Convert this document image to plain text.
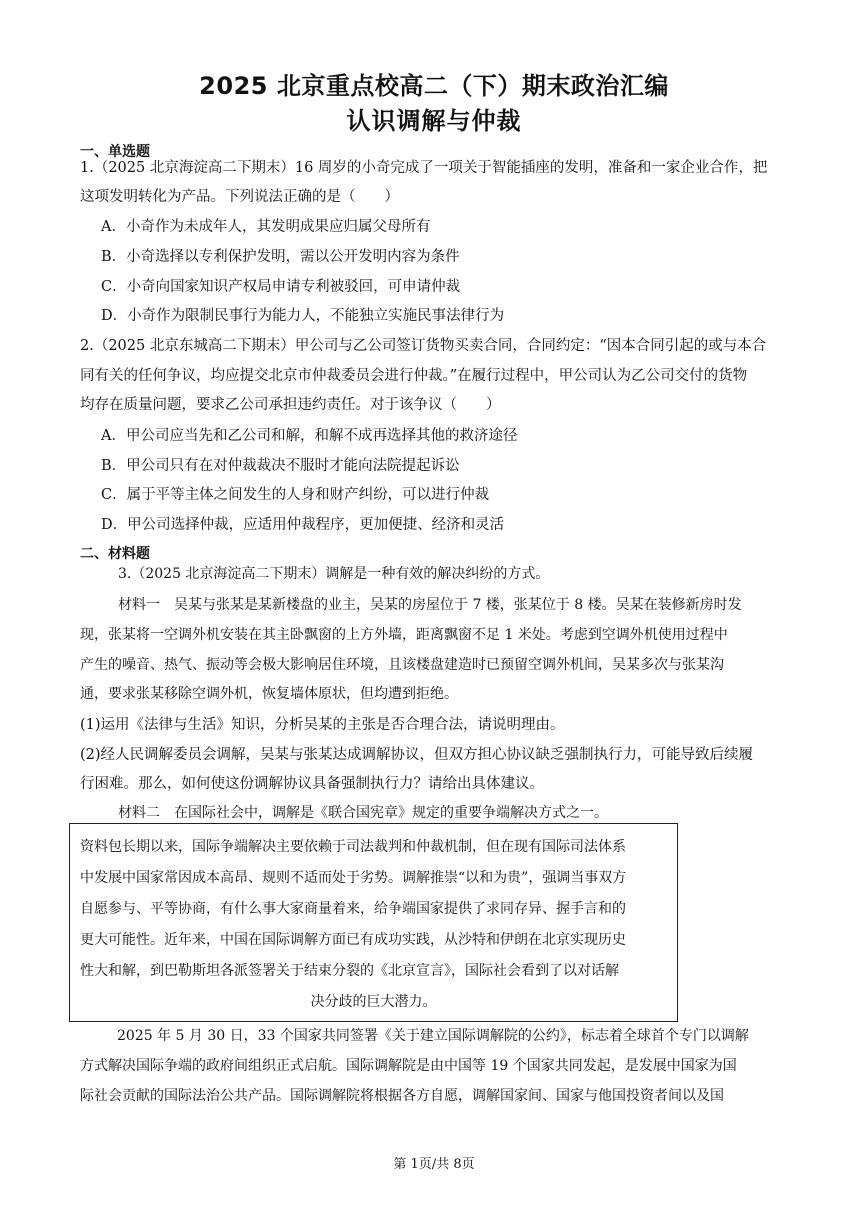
2025 北京重点校高二（下）期末政治汇编
认识调解与仲裁
一、单选题
1.（2025 北京海淀高二下期末）16 周岁的小奇完成了一项关于智能插座的发明，准备和一家企业合作，把
这项发明转化为产品。下列说法正确的是（　　）
A．小奇作为未成年人，其发明成果应归属父母所有
B．小奇选择以专利保护发明，需以公开发明内容为条件
C．小奇向国家知识产权局申请专利被驳回，可申请仲裁
D．小奇作为限制民事行为能力人，不能独立实施民事法律行为
2.（2025 北京东城高二下期末）甲公司与乙公司签订货物买卖合同，合同约定：“因本合同引起的或与本合
同有关的任何争议，均应提交北京市仲裁委员会进行仲裁。”在履行过程中，甲公司认为乙公司交付的货物
均存在质量问题，要求乙公司承担违约责任。对于该争议（　　）
A．甲公司应当先和乙公司和解，和解不成再选择其他的救济途径
B．甲公司只有在对仲裁裁决不服时才能向法院提起诉讼
C．属于平等主体之间发生的人身和财产纠纷，可以进行仲裁
D．甲公司选择仲裁，应适用仲裁程序，更加便捷、经济和灵活
二、材料题
3.（2025 北京海淀高二下期末）调解是一种有效的解决纠纷的方式。
材料一　吴某与张某是某新楼盘的业主，吴某的房屋位于 7 楼，张某位于 8 楼。吴某在装修新房时发
现，张某将一空调外机安装在其主卧飘窗的上方外墙，距离飘窗不足 1 米处。考虑到空调外机使用过程中
产生的噪音、热气、振动等会极大影响居住环境，且该楼盘建造时已预留空调外机间，吴某多次与张某沟
通，要求张某移除空调外机，恢复墙体原状，但均遭到拒绝。
(1)运用《法律与生活》知识，分析吴某的主张是否合理合法，请说明理由。
(2)经人民调解委员会调解，吴某与张某达成调解协议，但双方担心协议缺乏强制执行力，可能导致后续履
行困难。那么，如何使这份调解协议具备强制执行力？请给出具体建议。
材料二　在国际社会中，调解是《联合国宪章》规定的重要争端解决方式之一。
资料包长期以来，国际争端解决主要依赖于司法裁判和仲裁机制，但在现有国际司法体系
中发展中国家常因成本高昂、规则不适而处于劣势。调解推崇“以和为贵”，强调当事双方
自愿参与、平等协商，有什么事大家商量着来，给争端国家提供了求同存异、握手言和的
更大可能性。近年来，中国在国际调解方面已有成功实践，从沙特和伊朗在北京实现历史
性大和解，到巴勒斯坦各派签署关于结束分裂的《北京宣言》，国际社会看到了以对话解
决分歧的巨大潜力。
2025 年 5 月 30 日，33 个国家共同签署《关于建立国际调解院的公约》，标志着全球首个专门以调解
方式解决国际争端的政府间组织正式启航。国际调解院是由中国等 19 个国家共同发起，是发展中国家为国
际社会贡献的国际法治公共产品。国际调解院将根据各方自愿，调解国家间、国家与他国投资者间以及国
第 1页/共 8页
